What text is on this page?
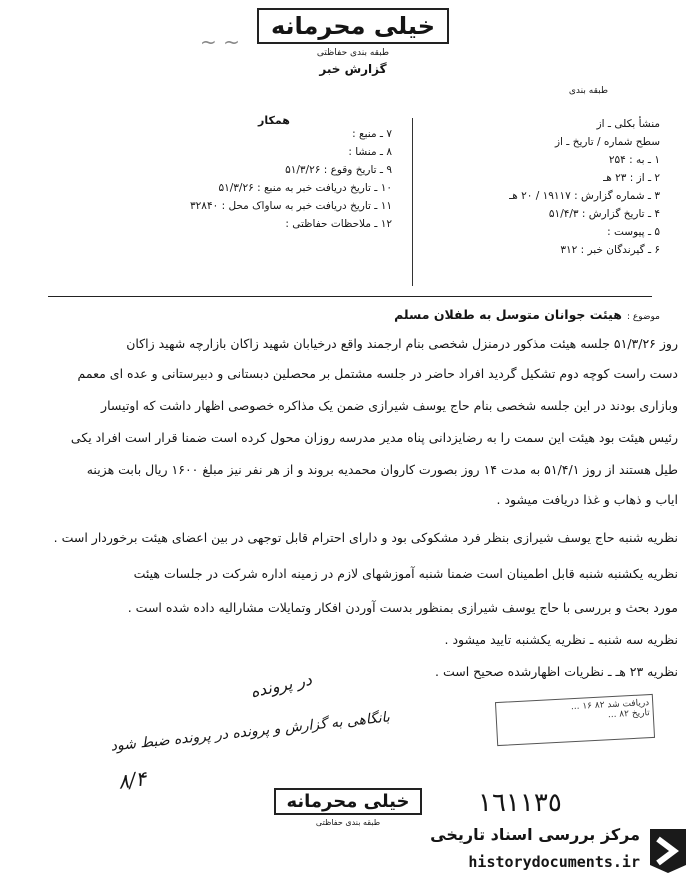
خیلی محرمانه
طبقه بندی حفاظتی
گزارش خبر
طبقه بندی
~ ~
همکار
۷ ـ منبع :
۸ ـ منشا :
۹ ـ تاریخ وقوع : ۵۱/۳/۲۶
۱۰ ـ تاریخ دریافت خبر به منبع : ۵۱/۳/۲۶
۱۱ ـ تاریخ دریافت خبر به ساواک محل : ۳۲۸۴۰
۱۲ ـ ملاحظات حفاظتی :
منشأ بکلی ـ از
سطح شماره / تاریخ ـ از
۱ ـ به : ۲۵۴
۲ ـ از : ۲۳ هـ
۳ ـ شماره گزارش : ۱۹۱۱۷ / ۲۰ هـ
۴ ـ تاریخ گزارش : ۵۱/۴/۳
۵ ـ پیوست :
۶ ـ گیرندگان خبر : ۳۱۲
موضوع : هیئت جوانان متوسل به طفلان مسلم
روز ۵۱/۳/۲۶ جلسه هیئت مذکور درمنزل شخصی بنام ارجمند واقع درخیابان شهید زاکان بازارچه شهید زاکان
دست راست کوچه دوم تشکیل گردید افراد حاضر در جلسه مشتمل بر محصلین دبستانی و دبیرستانی و عده ای معمم
وبازاری بودند در این جلسه شخصی بنام حاج یوسف شیرازی ضمن یک مذاکره خصوصی اظهار داشت که اوتیسار
رئیس هیئت بود هیئت این سمت را به رضایزدانی پناه مدیر مدرسه روزان محول کرده است ضمنا قرار است افراد یکی
طیل هستند از روز ۵۱/۴/۱ به مدت ۱۴ روز بصورت کاروان محمدیه بروند و از هر نفر نیز مبلغ ۱۶۰۰ ریال بابت هزینه
ایاب و ذهاب و غذا دریافت میشود .
نظریه شنبه حاج یوسف شیرازی بنظر فرد مشکوکی بود و دارای احترام قابل توجهی در بین اعضای هیئت برخوردار است .
نظریه یکشنبه شنبه قابل اطمینان است ضمنا شنبه آموزشهای لازم در زمینه اداره شرکت در جلسات هیئت
مورد بحث و بررسی با حاج یوسف شیرازی بمنظور بدست آوردن افکار وتمایلات مشارالیه داده شده است .
نظریه سه شنبه ـ نظریه یکشنبه تایید میشود .
نظریه ۲۳ هـ ـ نظریات اظهارشده صحیح است .
در پرونده
بانگاهی به گزارش و پرونده در پرونده ضبط شود
۸/۴
دریافت شد ۸۲ ۱۶ ...
تاریخ ۸۲ ...
خیلی محرمانه
طبقه بندی حفاظتی
١٦١١٣٥
مرکز بررسی اسناد تاریخی
historydocuments.ir
